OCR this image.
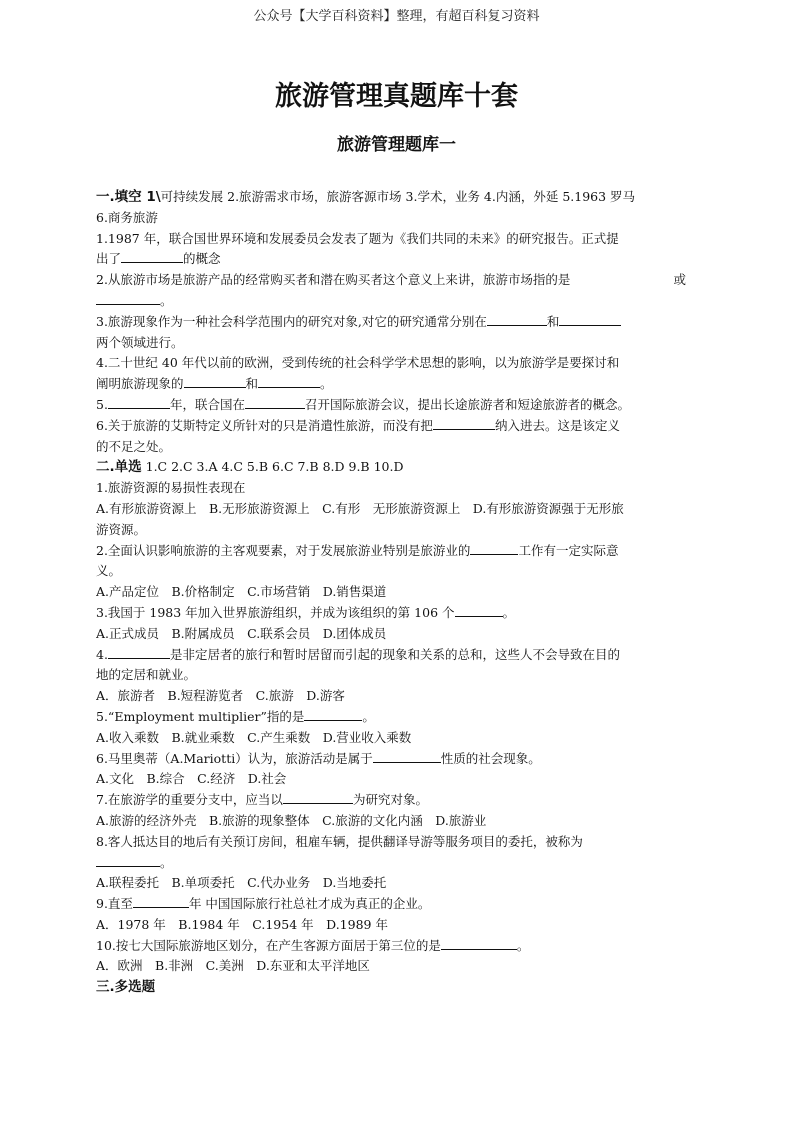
公众号【大学百科资料】整理，有超百科复习资料
旅游管理真题库十套
旅游管理题库一
一.填空 1\可持续发展 2.旅游需求市场，旅游客源市场 3.学术，业务 4.内涵，外延 5.1963 罗马
6.商务旅游
1.1987 年，联合国世界环境和发展委员会发表了题为《我们共同的未来》的研究报告。正式提
出了	的概念
2.从旅游市场是旅游产品的经常购买者和潜在购买者这个意义上来讲，旅游市场指的是	或
。
3.旅游现象作为一种社会科学范围内的研究对象,对它的研究通常分别在	和
两个领域进行。
4.二十世纪 40 年代以前的欧洲，受到传统的社会科学学术思想的影响，以为旅游学是要探讨和
阐明旅游现象的	和	。
5.	年，联合国在	召开国际旅游会议，提出长途旅游者和短途旅游者的概念。
6.关于旅游的艾斯特定义所针对的只是消遣性旅游，而没有把	纳入进去。这是该定义
的不足之处。
二.单选 1.C 2.C 3.A 4.C 5.B 6.C 7.B 8.D 9.B 10.D
1.旅游资源的易损性表现在
A.有形旅游资源上　B.无形旅游资源上　C.有形　无形旅游资源上　D.有形旅游资源强于无形旅
游资源。
2.全面认识影响旅游的主客观要素，对于发展旅游业特别是旅游业的	工作有一定实际意
义。
A.产品定位　B.价格制定　C.市场营销　D.销售渠道
3.我国于 1983 年加入世界旅游组织，并成为该组织的第 106 个	。
A.正式成员　B.附属成员　C.联系会员　D.团体成员
4.	是非定居者的旅行和暂时居留而引起的现象和关系的总和，这些人不会导致在目的
地的定居和就业。
A．旅游者　B.短程游览者　C.旅游　D.游客
5.“Employment multiplier”指的是	。
A.收入乘数　B.就业乘数　C.产生乘数　D.营业收入乘数
6.马里奥蒂（A.Mariotti）认为，旅游活动是属于	性质的社会现象。
A.文化　B.综合　C.经济　D.社会
7.在旅游学的重要分支中，应当以	为研究对象。
A.旅游的经济外壳　B.旅游的现象整体　C.旅游的文化内涵　D.旅游业
8.客人抵达目的地后有关预订房间，租雇车辆，提供翻译导游等服务项目的委托，被称为
。
A.联程委托　B.单项委托　C.代办业务　D.当地委托
9.直至	年 中国国际旅行社总社才成为真正的企业。
A．1978 年　B.1984 年　C.1954 年　D.1989 年
10.按七大国际旅游地区划分，在产生客源方面居于第三位的是	。
A．欧洲　B.非洲　C.美洲　D.东亚和太平洋地区
三.多选题
